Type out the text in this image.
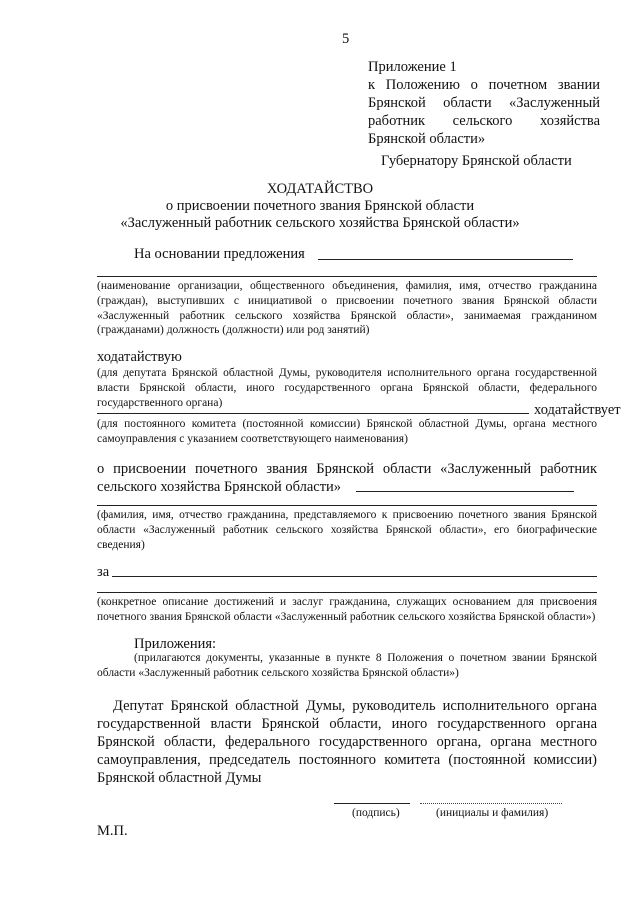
5
Приложение 1
к Положению о почетном звании Брянской области «Заслуженный работник сельского хозяйства Брянской области»
Губернатору Брянской области
ХОДАТАЙСТВО
о присвоении почетного звания Брянской области
«Заслуженный работник сельского хозяйства Брянской области»
На основании предложения
(наименование организации, общественного объединения, фамилия, имя, отчество гражданина (граждан), выступивших с инициативой о присвоении почетного звания Брянской области «Заслуженный работник сельского хозяйства Брянской области», занимаемая гражданином (гражданами) должность (должности) или род занятий)
ходатайствую
(для депутата Брянской областной Думы, руководителя исполнительного органа государственной власти Брянской области, иного государственного органа Брянской области, федерального государственного органа)	ходатайствует
(для постоянного комитета (постоянной комиссии) Брянской областной Думы, органа местного самоуправления с указанием соответствующего наименования)
о присвоении почетного звания Брянской области «Заслуженный работник сельского хозяйства Брянской области»
(фамилия, имя, отчество гражданина, представляемого к присвоению почетного звания Брянской области «Заслуженный работник сельского хозяйства Брянской области», его биографические сведения)
за
(конкретное описание достижений и заслуг гражданина, служащих основанием для присвоения почетного звания Брянской области «Заслуженный работник сельского хозяйства Брянской области»)
Приложения:
(прилагаются документы, указанные в пункте 8 Положения о почетном звании Брянской области «Заслуженный работник сельского хозяйства Брянской области»)
Депутат Брянской областной Думы, руководитель исполнительного органа государственной власти Брянской области, иного государственного органа Брянской области, федерального государственного органа, органа местного самоуправления, председатель постоянного комитета (постоянной комиссии) Брянской областной Думы
(подпись)	(инициалы и фамилия)
М.П.
